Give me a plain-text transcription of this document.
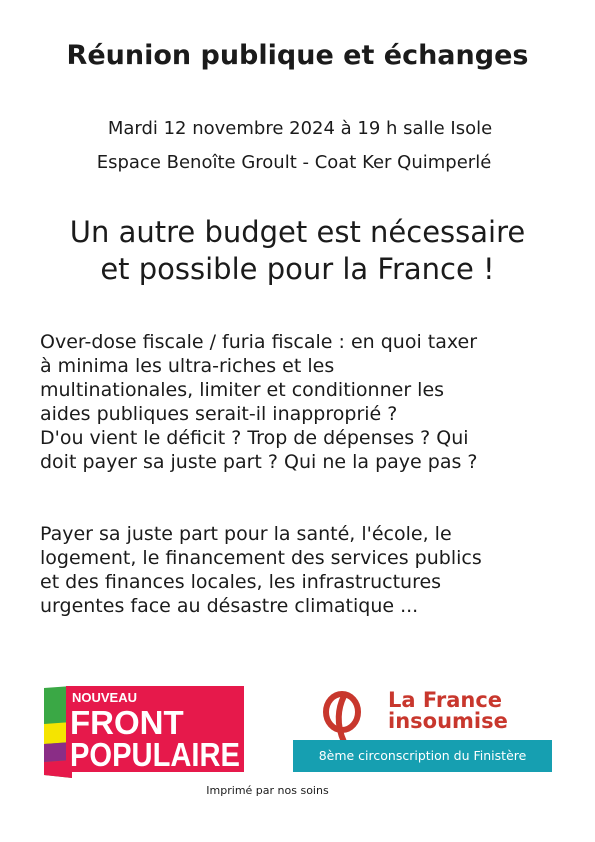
Réunion publique et échanges
Mardi 12 novembre 2024 à 19 h salle Isole
Espace Benoîte Groult - Coat Ker Quimperlé
Un autre budget est nécessaire
et possible pour la France !
Over-dose fiscale / furia fiscale : en quoi taxer
à minima les ultra-riches et les
multinationales, limiter et conditionner les
aides publiques serait-il inapproprié ?
D'ou vient le déficit ? Trop de dépenses ? Qui
doit payer sa juste part ? Qui ne la paye pas ?
Payer sa juste part pour la santé, l'école, le
logement, le financement des services publics
et des finances locales, les infrastructures
urgentes face au désastre climatique ...
NOUVEAU
FRONT
POPULAIRE
La France
insoumise
8ème circonscription du Finistère
Imprimé par nos soins
